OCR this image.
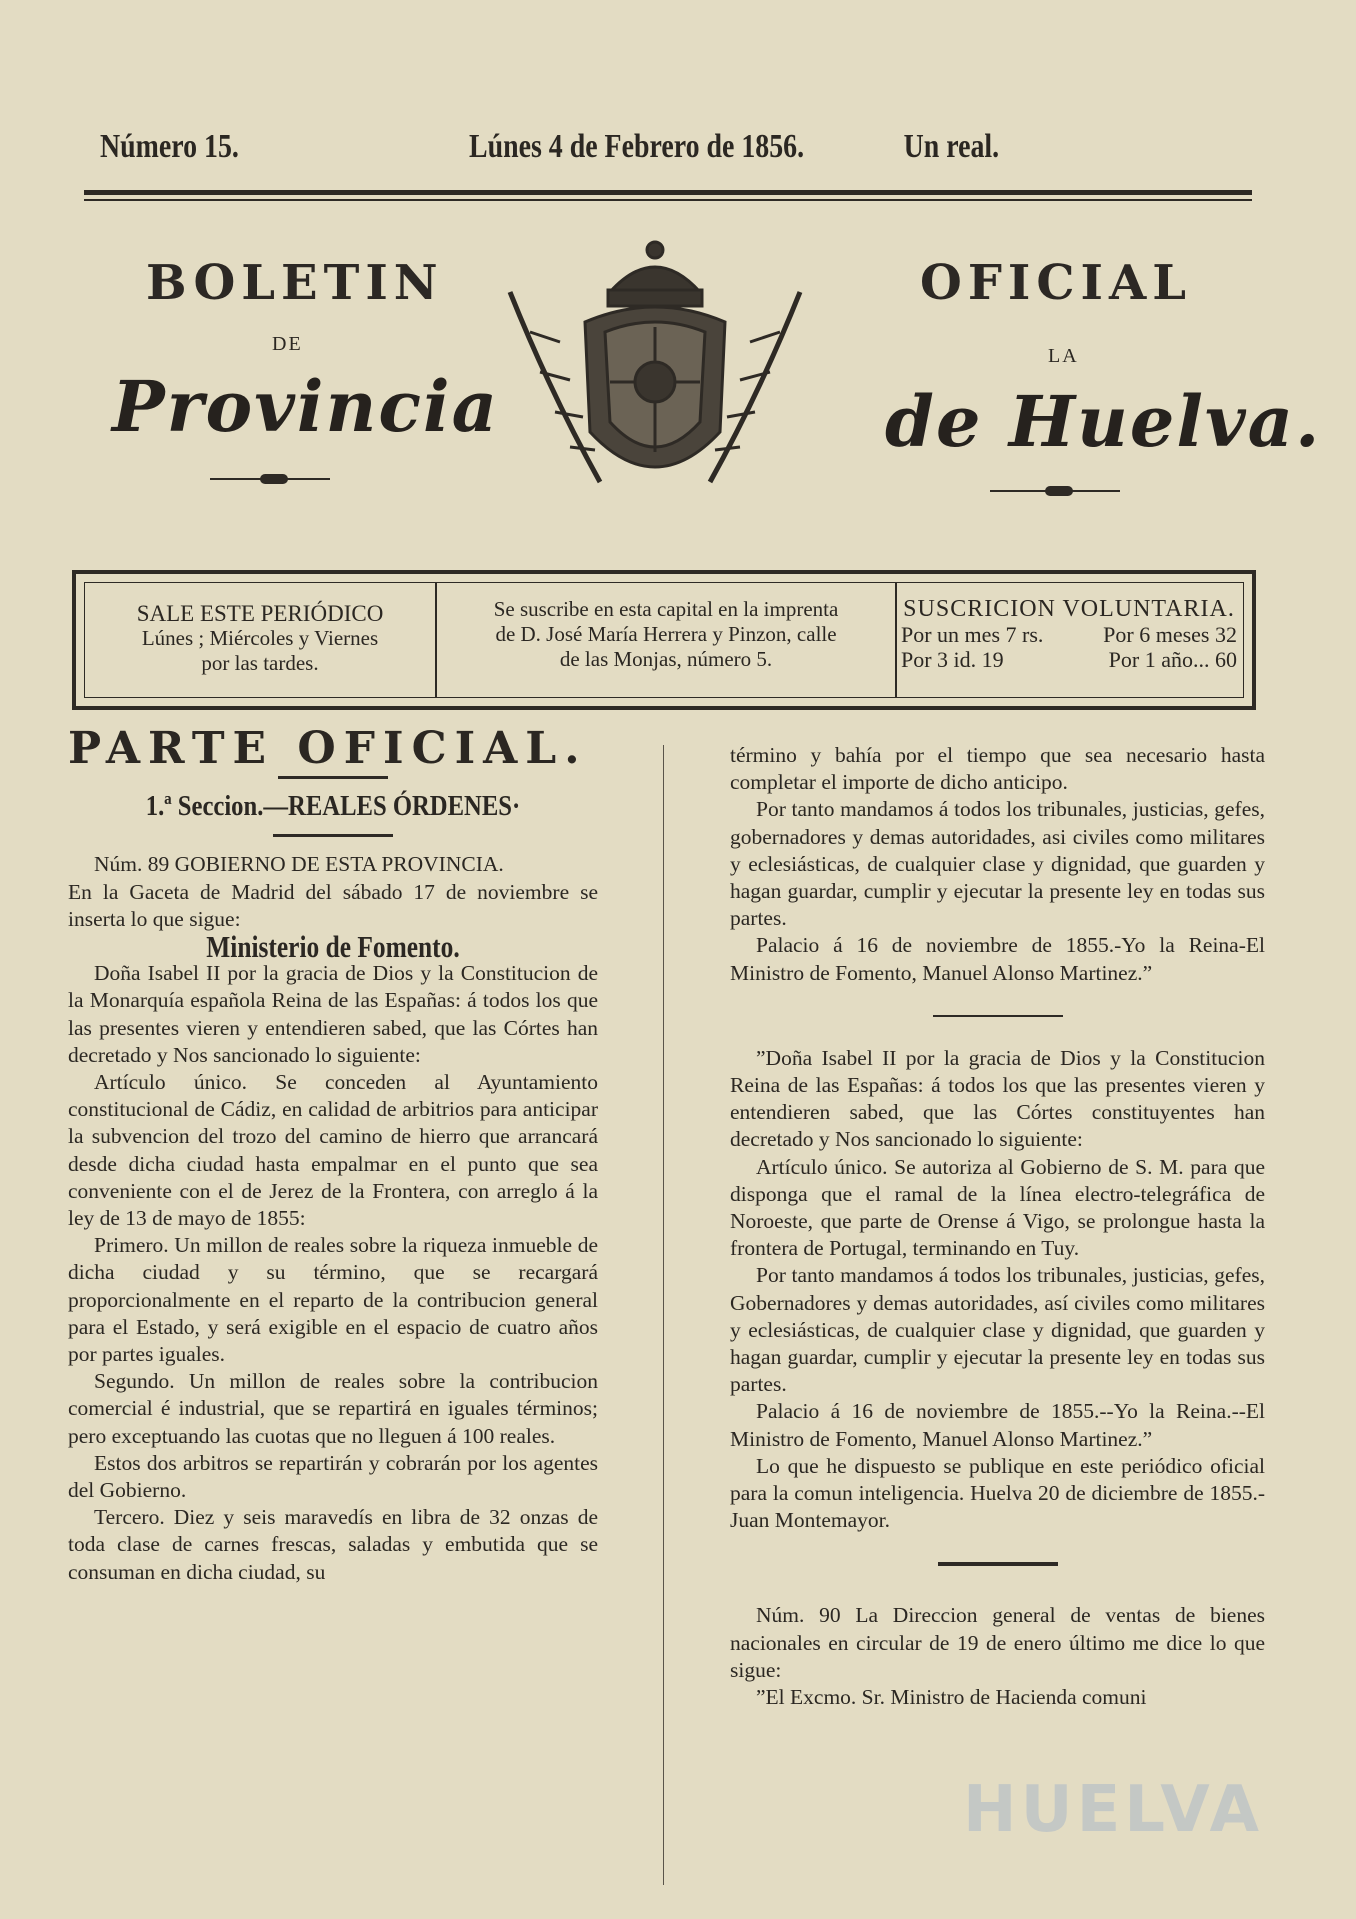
Número 15.	Lúnes 4 de Febrero de 1856.	Un real.
BOLETIN
DE
Provincia
OFICIAL
LA
de Huelva.
SALE ESTE PERIÓDICO
Lúnes ; Miércoles y Viernes
por las tardes.
Se suscribe en esta capital en la imprenta
de D. José María Herrera y Pinzon, calle
de las Monjas, número 5.
SUSCRICION VOLUNTARIA.
Por un mes 7 rs.	Por 6 meses 32
Por 3 id. 19	Por 1 año... 60
PARTE OFICIAL.

1.ª Seccion.—REALES ÓRDENES·

Núm. 89 GOBIERNO DE ESTA PROVINCIA.

En la Gaceta de Madrid del sábado 17 de noviembre se inserta lo que sigue:

Ministerio de Fomento.

Doña Isabel II por la gracia de Dios y la Constitucion de la Monarquía española Reina de las Españas: á todos los que las presentes vieren y entendieren sabed, que las Córtes han decretado y Nos sancionado lo siguiente:

Artículo único. Se conceden al Ayuntamiento constitucional de Cádiz, en calidad de arbitrios para anticipar la subvencion del trozo del camino de hierro que arrancará desde dicha ciudad hasta empalmar en el punto que sea conveniente con el de Jerez de la Frontera, con arreglo á la ley de 13 de mayo de 1855:

Primero. Un millon de reales sobre la riqueza inmueble de dicha ciudad y su término, que se recargará proporcionalmente en el reparto de la contribucion general para el Estado, y será exigible en el espacio de cuatro años por partes iguales.

Segundo. Un millon de reales sobre la contribucion comercial é industrial, que se repartirá en iguales términos; pero exceptuando las cuotas que no lleguen á 100 reales.

Estos dos arbitros se repartirán y cobrarán por los agentes del Gobierno.

Tercero. Diez y seis maravedís en libra de 32 onzas de toda clase de carnes frescas, saladas y embutida que se consuman en dicha ciudad, su

término y bahía por el tiempo que sea necesario hasta completar el importe de dicho anticipo.

Por tanto mandamos á todos los tribunales, justicias, gefes, gobernadores y demas autoridades, asi civiles como militares y eclesiásticas, de cualquier clase y dignidad, que guarden y hagan guardar, cumplir y ejecutar la presente ley en todas sus partes.

Palacio á 16 de noviembre de 1855.-Yo la Reina-El Ministro de Fomento, Manuel Alonso Martinez.”

”Doña Isabel II por la gracia de Dios y la Constitucion Reina de las Españas: á todos los que las presentes vieren y entendieren sabed, que las Córtes constituyentes han decretado y Nos sancionado lo siguiente:

Artículo único. Se autoriza al Gobierno de S. M. para que disponga que el ramal de la línea electro-telegráfica de Noroeste, que parte de Orense á Vigo, se prolongue hasta la frontera de Portugal, terminando en Tuy.

Por tanto mandamos á todos los tribunales, justicias, gefes, Gobernadores y demas autoridades, así civiles como militares y eclesiásticas, de cualquier clase y dignidad, que guarden y hagan guardar, cumplir y ejecutar la presente ley en todas sus partes.

Palacio á 16 de noviembre de 1855.--Yo la Reina.--El Ministro de Fomento, Manuel Alonso Martinez.”

Lo que he dispuesto se publique en este periódico oficial para la comun inteligencia. Huelva 20 de diciembre de 1855.-Juan Montemayor.

Núm. 90 La Direccion general de ventas de bienes nacionales en circular de 19 de enero último me dice lo que sigue:

”El Excmo. Sr. Ministro de Hacienda comuni

HUELVA
